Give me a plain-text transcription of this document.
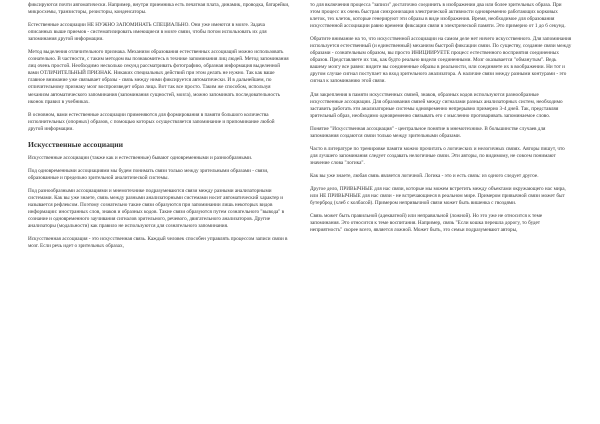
фиксируются почти автоматически. Например, внутри приемника есть печатная плата, динамик, проводка, батарейки, микросхемы, транзисторы, резисторы, конденсаторы.

Естественные ассоциации НЕ НУЖНО ЗАПОМИНАТЬ СПЕЦИАЛЬНО. Они уже имеются в мозге. Задача описанных выше приемов - систематизировать имеющиеся в мозге связи, чтобы потом использовать их для запоминания другой информации.

Метод выделения отличительного признака. Механизм образования естественных ассоциаций можно использовать сознательно. В частности, с таким методом вы познакомитесь в технике запоминания лиц людей. Метод запоминания лиц очень простой. Необходимо несколько секунд рассматривать фотографию, образная информация выделенной вами ОТЛИЧИТЕЛЬНЫЙ ПРИЗНАК. Никаких специальных действий при этом делать не нужно. Так как ваше главное внимание уже связывает образы - связь между ними фиксируется автоматически. И в дальнейшем, по отличительному признаку мозг воспроизведет образ лица. Вот так все просто. Таким же способом, используя механизм автоматического запоминания (запоминания сущностей, мозга), можно запоминать последовательность иконок правил в учебниках.

В основном, вами естественные ассоциации применяются для формирования в памяти большого количества исполнительных (опорных) образов, с помощью которых осуществляется запоминание и припоминание любой другой информации.

Искусственные ассоциации

Искусственные ассоциации (также как и естественные) бывают одновременными и разнообразными.

Под одновременными ассоциациями мы будем понимать связи только между зрительными образами - связи, образованные и предельно зрительной аналитической системы.

Под разнообразными ассоциациями и мнемотехнике подразумеваются связи между разными анализаторными системами. Как вы уже знаете, связь между разными анализаторными системами носит автоматический характер и называется рефлексом. Поэтому сознательно такие связи образуются при запоминании лишь некоторых видов информации: иностранных слов, знаков и образных кодов. Такие связи образуются путем сознательного "вывода" в сознание и одновременного заучивания сигналов зрительного, речевого, двигательного анализаторов. Другие анализаторы (модальности) как правило не используются для сознательного запоминания.

Искусственная ассоциация - это искусственная связь. Каждый человек способен управлять процессом записи связи в мозг. Если речь идет о зрительных образах,

то для включения процесса "записи" достаточно соединить в изображении два или более зрительных образа. При этом процесс их очень быстрая синхронизация электрической активности одновременно работающих корковых клеток, тех клеток, которые генерируют эти образы в виде изображения. Время, необходимое для образования искусственной ассоциации равно времени фиксации связи в электрической памяти. Это примерно от 1 до 6 секунд.

Обратите внимание на то, что искусственной ассоциации на самом деле нет ничего искусственного. Для запоминания используется естественный (и единственный) механизм быстрой фиксации связи. По существу, создание связи между образами - сознательным образом, вы просто ИНИЦИИРУЕТЕ процесс естественного восприятия соединенных образов. Представляете их так, как будто реально видели соединенными. Мозг оказывается "обманутым". Ведь вашему мозгу все равно: видите вы соединенные образы в реальности, или соединяете их в воображении. Ни тот и другом случае сигнал поступает на вход зрительного анализатора. А наличие связи между разными контурами - это сигнал к запоминанию этой связи.

Для закрепления в памяти искусственных связей, знаков, образных кодов используются разнообразные искусственные ассоциации. Для образования связей между сигналами разных анализаторных систем, необходимо заставить работать эти анализаторные системы одновременно непрерывно примерно 3-4 дней. Так, представляя зрительный образ, необходимо одновременно связывать его с мысленно проговаривать запоминаемое слово.

Понятие "Искусственная ассоциация" - центральное понятие в мнемотехнике. В большинстве случаев для запоминания создаются связи только между зрительными образами.

Часто в литературе по тренировке памяти можно прочитать о логических и нелогичных связях. Авторы пишут, что для лучшего запоминания следует создавать нелогичные связи. Эти авторы, по видимому, не совсем понимают значение слова "логика".

Как вы уже знаете, любая связь является логичной. Логика - это и есть связь: из одного следует другое.

Другое дело, ПРИВЫЧНЫЕ для нас связи, которые мы можем встретить между объектами окружающего нас мира, или НЕ ПРИВЫЧНЫЕ для нас связи - не встречающиеся в реальном мире. Примером привычной связи может быт бутерброд (хлеб с колбасой). Примером непривычной связи может быть вишенка с гвоздями.

Связь может быть правильной (адекватной) или неправильной (ложной). Но это уже не относится к теме запоминания. Это относится к теме воспитания. Например, связь "Если кошка перешла дорогу, то будет неприятность" скорее всего, является ложной. Может быть, это семьи подразумевают авторы,
